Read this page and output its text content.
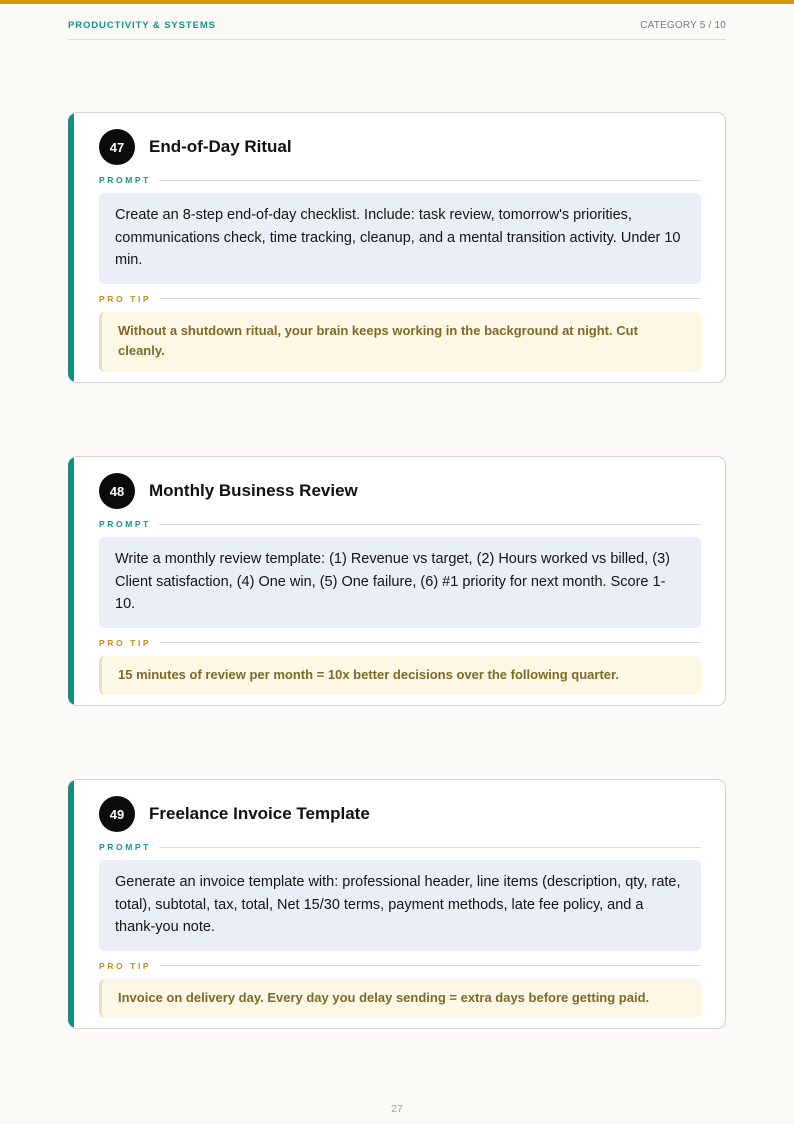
PRODUCTIVITY & SYSTEMS	CATEGORY 5 / 10
47	End-of-Day Ritual
PROMPT
Create an 8-step end-of-day checklist. Include: task review, tomorrow's priorities, communications check, time tracking, cleanup, and a mental transition activity. Under 10 min.
PRO TIP
Without a shutdown ritual, your brain keeps working in the background at night. Cut cleanly.
48	Monthly Business Review
PROMPT
Write a monthly review template: (1) Revenue vs target, (2) Hours worked vs billed, (3) Client satisfaction, (4) One win, (5) One failure, (6) #1 priority for next month. Score 1-10.
PRO TIP
15 minutes of review per month = 10x better decisions over the following quarter.
49	Freelance Invoice Template
PROMPT
Generate an invoice template with: professional header, line items (description, qty, rate, total), subtotal, tax, total, Net 15/30 terms, payment methods, late fee policy, and a thank-you note.
PRO TIP
Invoice on delivery day. Every day you delay sending = extra days before getting paid.
27
